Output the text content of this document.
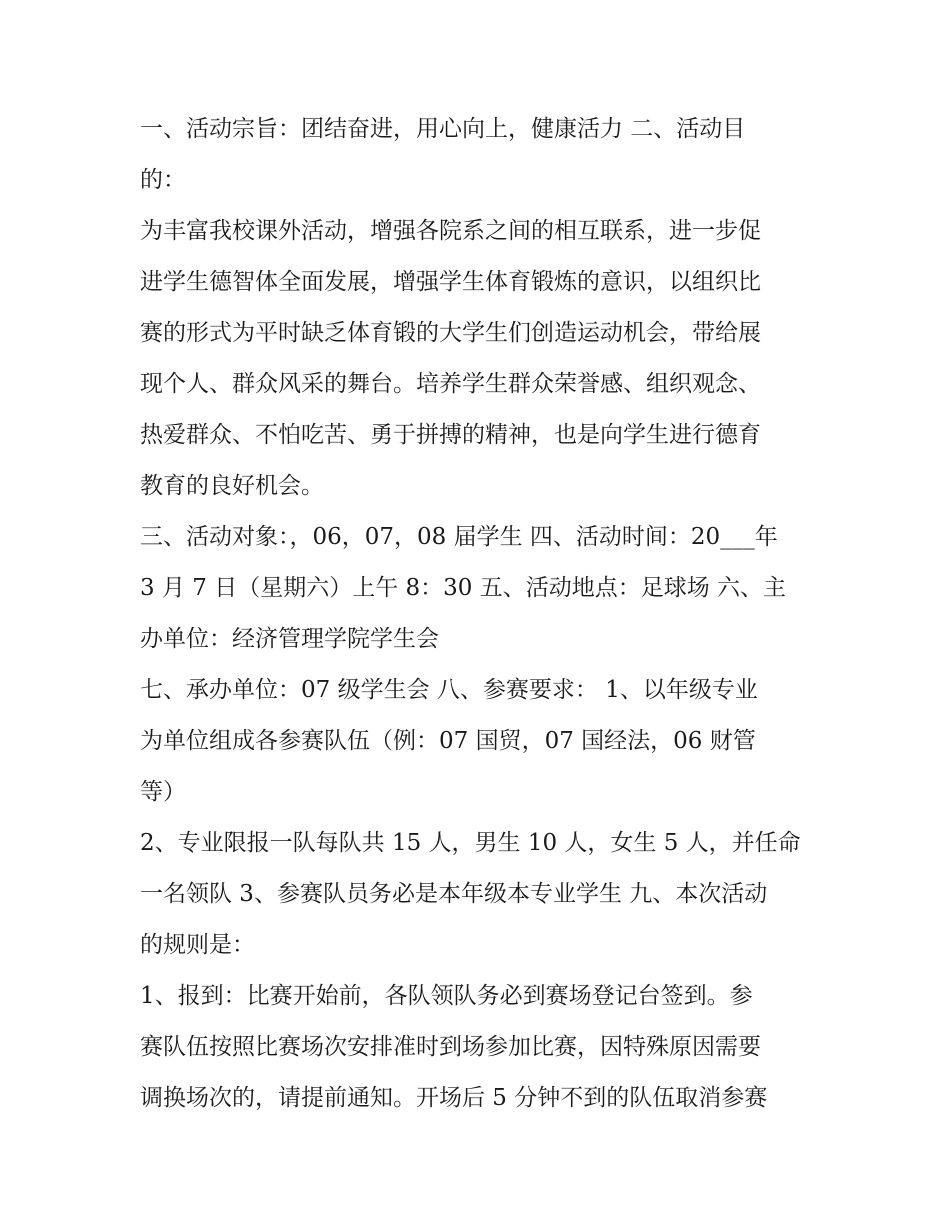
一、活动宗旨：团结奋进，用心向上，健康活力 二、活动目
的：

为丰富我校课外活动，增强各院系之间的相互联系，进一步促
进学生德智体全面发展，增强学生体育锻炼的意识，以组织比
赛的形式为平时缺乏体育锻的大学生们创造运动机会，带给展
现个人、群众风采的舞台。培养学生群众荣誉感、组织观念、
热爱群众、不怕吃苦、勇于拼搏的精神，也是向学生进行德育
教育的良好机会。

三、活动对象：，06，07，08 届学生 四、活动时间：20___年
3 月 7 日（星期六）上午 8：30 五、活动地点：足球场 六、主
办单位：经济管理学院学生会

七、承办单位：07 级学生会 八、参赛要求： 1、以年级专业
为单位组成各参赛队伍（例：07 国贸，07 国经法，06 财管
等）

2、专业限报一队每队共 15 人，男生 10 人，女生 5 人，并任命
一名领队 3、参赛队员务必是本年级本专业学生 九、本次活动
的规则是：

1、报到：比赛开始前，各队领队务必到赛场登记台签到。参
赛队伍按照比赛场次安排准时到场参加比赛，因特殊原因需要
调换场次的，请提前通知。开场后 5 分钟不到的队伍取消参赛
